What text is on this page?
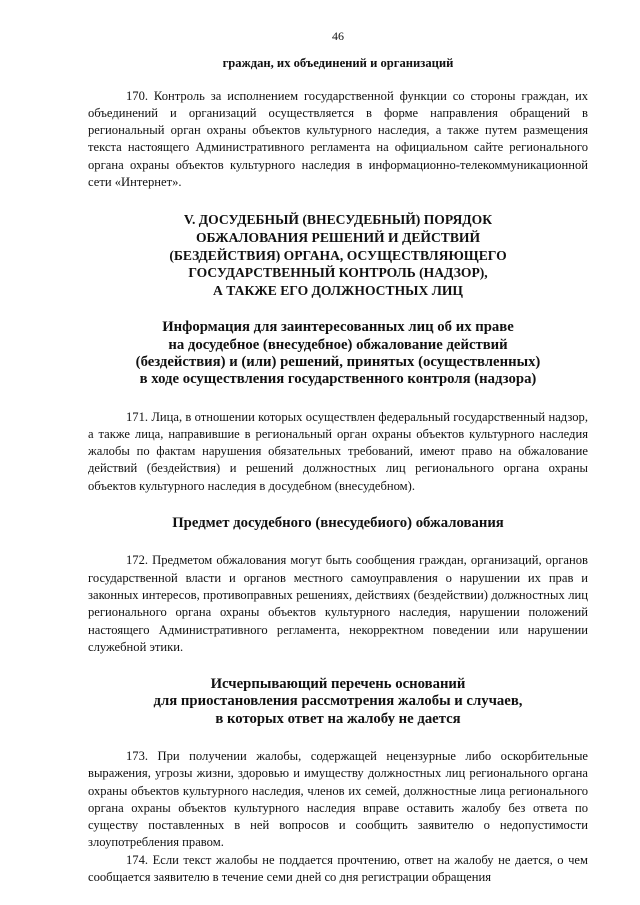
46

граждан, их объединений и организаций

170. Контроль за исполнением государственной функции со стороны граждан, их объединений и организаций осуществляется в форме направления обращений в региональный орган охраны объектов культурного наследия, а также путем размещения текста настоящего Административного регламента на официальном сайте регионального органа охраны объектов культурного наследия в информационно-телекоммуникационной сети «Интернет».

V. ДОСУДЕБНЫЙ (ВНЕСУДЕБНЫЙ) ПОРЯДОК
ОБЖАЛОВАНИЯ РЕШЕНИЙ И ДЕЙСТВИЙ
(БЕЗДЕЙСТВИЯ) ОРГАНА, ОСУЩЕСТВЛЯЮЩЕГО
ГОСУДАРСТВЕННЫЙ КОНТРОЛЬ (НАДЗОР),
А ТАКЖЕ ЕГО ДОЛЖНОСТНЫХ ЛИЦ
Информация для заинтересованных лиц об их праве
на досудебное (внесудебное) обжалование действий
(бездействия) и (или) решений, принятых (осуществленных)
в ходе осуществления государственного контроля (надзора)

171. Лица, в отношении которых осуществлен федеральный государственный надзор, а также лица, направившие в региональный орган охраны объектов культурного наследия жалобы по фактам нарушения обязательных требований, имеют право на обжалование действий (бездействия) и решений должностных лиц регионального органа охраны объектов культурного наследия в досудебном (внесудебном).

Предмет досудебного (внесудебиого) обжалования

172. Предметом обжалования могут быть сообщения граждан, организаций, органов государственной власти и органов местного самоуправления о нарушении их прав и законных интересов, противоправных решениях, действиях (бездействии) должностных лиц регионального органа охраны объектов культурного наследия, нарушении положений настоящего Административного регламента, некорректном поведении или нарушении служебной этики.

Исчерпывающий перечень оснований
для приостановления рассмотрения жалобы и случаев,
в которых ответ на жалобу не дается

173. При получении жалобы, содержащей нецензурные либо оскорбительные выражения, угрозы жизни, здоровью и имуществу должностных лиц регионального органа охраны объектов культурного наследия, членов их семей, должностные лица регионального органа охраны объектов культурного наследия вправе оставить жалобу без ответа по существу поставленных в ней вопросов и сообщить заявителю о недопустимости злоупотребления правом.

174. Если текст жалобы не поддается прочтению, ответ на жалобу не дается, о чем сообщается заявителю в течение семи дней со дня регистрации обращения
